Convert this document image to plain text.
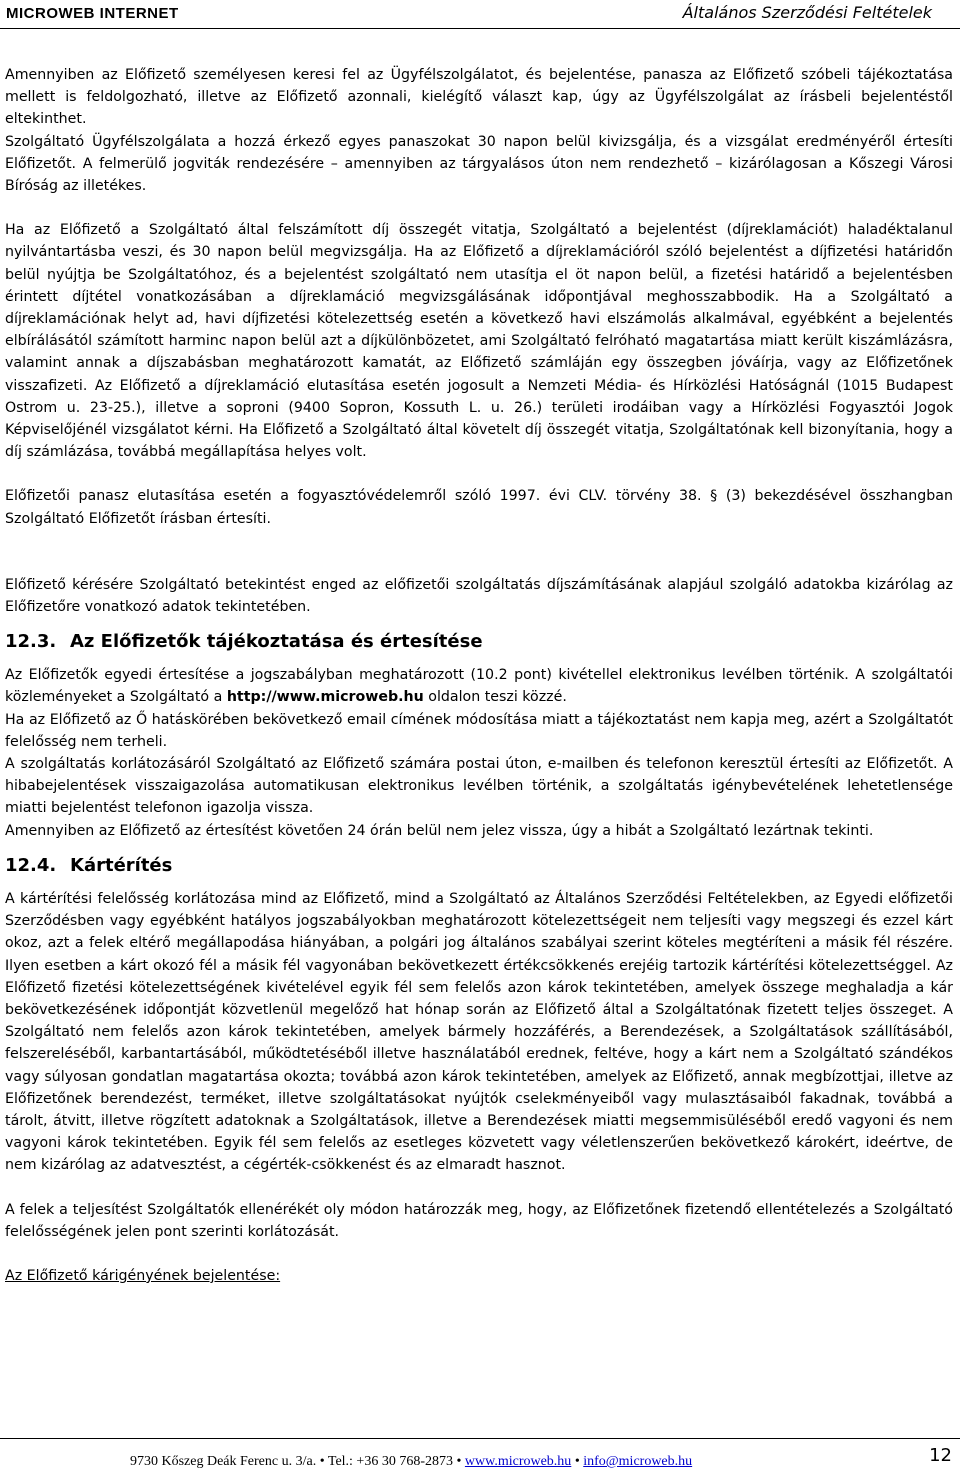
MICROWEB INTERNET	Általános Szerződési Feltételek

Amennyiben az Előfizető személyesen keresi fel az Ügyfélszolgálatot, és bejelentése, panasza az Előfizető szóbeli tájékoztatása mellett is feldolgozható, illetve az Előfizető azonnali, kielégítő választ kap, úgy az Ügyfélszolgálat az írásbeli bejelentéstől eltekinthet.

Szolgáltató Ügyfélszolgálata a hozzá érkező egyes panaszokat 30 napon belül kivizsgálja, és a vizsgálat eredményéről értesíti Előfizetőt. A felmerülő jogviták rendezésére – amennyiben az tárgyalásos úton nem rendezhető – kizárólagosan a Kőszegi Városi Bíróság az illetékes.

Ha az Előfizető a Szolgáltató által felszámított díj összegét vitatja, Szolgáltató a bejelentést (díjreklamációt) haladéktalanul nyilvántartásba veszi, és 30 napon belül megvizsgálja. Ha az Előfizető a díjreklamációról szóló bejelentést a díjfizetési határidőn belül nyújtja be Szolgáltatóhoz, és a bejelentést szolgáltató nem utasítja el öt napon belül, a fizetési határidő a bejelentésben érintett díjtétel vonatkozásában a díjreklamáció megvizsgálásának időpontjával meghosszabbodik. Ha a Szolgáltató a díjreklamációnak helyt ad, havi díjfizetési kötelezettség esetén a következő havi elszámolás alkalmával, egyébként a bejelentés elbírálásától számított harminc napon belül azt a díjkülönbözetet, ami Szolgáltató felróható magatartása miatt került kiszámlázásra, valamint annak a díjszabásban meghatározott kamatát, az Előfizető számláján egy összegben jóváírja, vagy az Előfizetőnek visszafizeti. Az Előfizető a díjreklamáció elutasítása esetén jogosult a Nemzeti Média- és Hírközlési Hatóságnál (1015 Budapest Ostrom u. 23-25.), illetve a soproni (9400 Sopron, Kossuth L. u. 26.) területi irodáiban vagy a Hírközlési Fogyasztói Jogok Képviselőjénél vizsgálatot kérni. Ha Előfizető a Szolgáltató által követelt díj összegét vitatja, Szolgáltatónak kell bizonyítania, hogy a díj számlázása, továbbá megállapítása helyes volt.

Előfizetői panasz elutasítása esetén a fogyasztóvédelemről szóló 1997. évi CLV. törvény 38. § (3) bekezdésével összhangban Szolgáltató Előfizetőt írásban értesíti.

Előfizető kérésére Szolgáltató betekintést enged az előfizetői szolgáltatás díjszámításának alapjául szolgáló adatokba kizárólag az Előfizetőre vonatkozó adatok tekintetében.

12.3. Az Előfizetők tájékoztatása és értesítése

Az Előfizetők egyedi értesítése a jogszabályban meghatározott (10.2 pont) kivétellel elektronikus levélben történik. A szolgáltatói közleményeket a Szolgáltató a http://www.microweb.hu oldalon teszi közzé.

Ha az Előfizető az Ő hatáskörében bekövetkező email címének módosítása miatt a tájékoztatást nem kapja meg, azért a Szolgáltatót felelősség nem terheli.

A szolgáltatás korlátozásáról Szolgáltató az Előfizető számára postai úton, e-mailben és telefonon keresztül értesíti az Előfizetőt. A hibabejelentések visszaigazolása automatikusan elektronikus levélben történik, a szolgáltatás igénybevételének lehetetlensége miatti bejelentést telefonon igazolja vissza.

Amennyiben az Előfizető az értesítést követően 24 órán belül nem jelez vissza, úgy a hibát a Szolgáltató lezártnak tekinti.

12.4. Kártérítés

A kártérítési felelősség korlátozása mind az Előfizető, mind a Szolgáltató az Általános Szerződési Feltételekben, az Egyedi előfizetői Szerződésben vagy egyébként hatályos jogszabályokban meghatározott kötelezettségeit nem teljesíti vagy megszegi és ezzel kárt okoz, azt a felek eltérő megállapodása hiányában, a polgári jog általános szabályai szerint köteles megtéríteni a másik fél részére. Ilyen esetben a kárt okozó fél a másik fél vagyonában bekövetkezett értékcsökkenés erejéig tartozik kártérítési kötelezettséggel. Az Előfizető fizetési kötelezettségének kivételével egyik fél sem felelős azon károk tekintetében, amelyek összege meghaladja a kár bekövetkezésének időpontját közvetlenül megelőző hat hónap során az Előfizető által a Szolgáltatónak fizetett teljes összeget. A Szolgáltató nem felelős azon károk tekintetében, amelyek bármely hozzáférés, a Berendezések, a Szolgáltatások szállításából, felszereléséből, karbantartásából, működtetéséből illetve használatából erednek, feltéve, hogy a kárt nem a Szolgáltató szándékos vagy súlyosan gondatlan magatartása okozta; továbbá azon károk tekintetében, amelyek az Előfizető, annak megbízottjai, illetve az Előfizetőnek berendezést, terméket, illetve szolgáltatásokat nyújtók cselekményeiből vagy mulasztásaiból fakadnak, továbbá a tárolt, átvitt, illetve rögzített adatoknak a Szolgáltatások, illetve a Berendezések miatti megsemmisüléséből eredő vagyoni és nem vagyoni károk tekintetében. Egyik fél sem felelős az esetleges közvetett vagy véletlenszerűen bekövetkező károkért, ideértve, de nem kizárólag az adatvesztést, a cégérték-csökkenést és az elmaradt hasznot.

A felek a teljesítést Szolgáltatók ellenérékét oly módon határozzák meg, hogy, az Előfizetőnek fizetendő ellentételezés a Szolgáltató felelősségének jelen pont szerinti korlátozását.

Az Előfizető kárigényének bejelentése:

9730 Kőszeg Deák Ferenc u. 3/a. • Tel.: +36 30 768-2873 • www.microweb.hu • info@microweb.hu	12
